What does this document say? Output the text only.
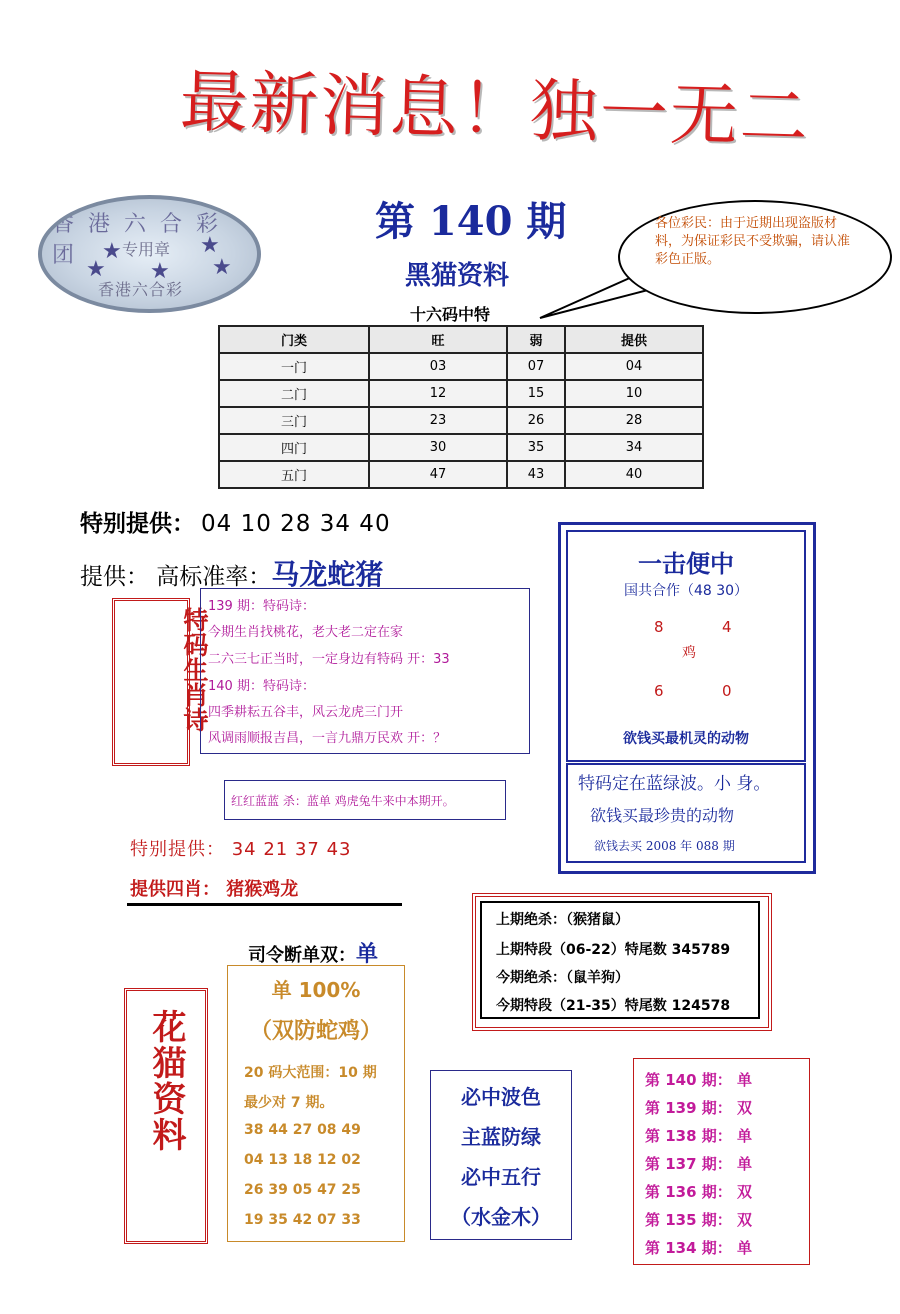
最新消息！独一无二
香港六合彩团 ★	★
★
★ ★
专用章
香港六合彩
第 140 期	各位彩民：由于近期出现盗版材料，为保证彩民不受欺骗，请认准彩色正版。
黑猫资料
十六码中特
门类	旺	弱	提供
一门	03	07	04
二门	12	15	10
三门	23	26	28
四门	30	35	34
五门	47	43	40
特别提供： 04 10 28 34 40
提供： 高标准率：马龙蛇猪
特码生肖诗
139 期：特码诗：
今期生肖找桃花，老大老二定在家
二六三七正当时，一定身边有特码 开：33
140 期：特码诗：
四季耕耘五谷丰，风云龙虎三门开
风调雨顺报吉昌，一言九鼎万民欢 开：？
红红蓝蓝 杀：蓝单 鸡虎兔牛来中本期开。
一击便中
国共合作（48 30）
8	4
鸡
6	0
欲钱买最机灵的动物
特码定在蓝绿波。小 身。
欲钱买最珍贵的动物
欲钱去买 2008 年 088 期
特别提供： 34 21 37 43
提供四肖： 猪猴鸡龙
上期绝杀：（猴猪鼠）
上期特段（06-22）特尾数 345789
今期绝杀：（鼠羊狗）
今期特段（21-35）特尾数 124578
司令断单双：单
单 100%
（双防蛇鸡）
20 码大范围：10 期
最少对 7 期。
38 44 27 08 49
04 13 18 12 02
26 39 05 47 25
19 35 42 07 33
花猫资料	必中波色
主蓝防绿
必中五行
（水金木）
第 140 期： 单
第 139 期： 双
第 138 期： 单
第 137 期： 单
第 136 期： 双
第 135 期： 双
第 134 期： 单
